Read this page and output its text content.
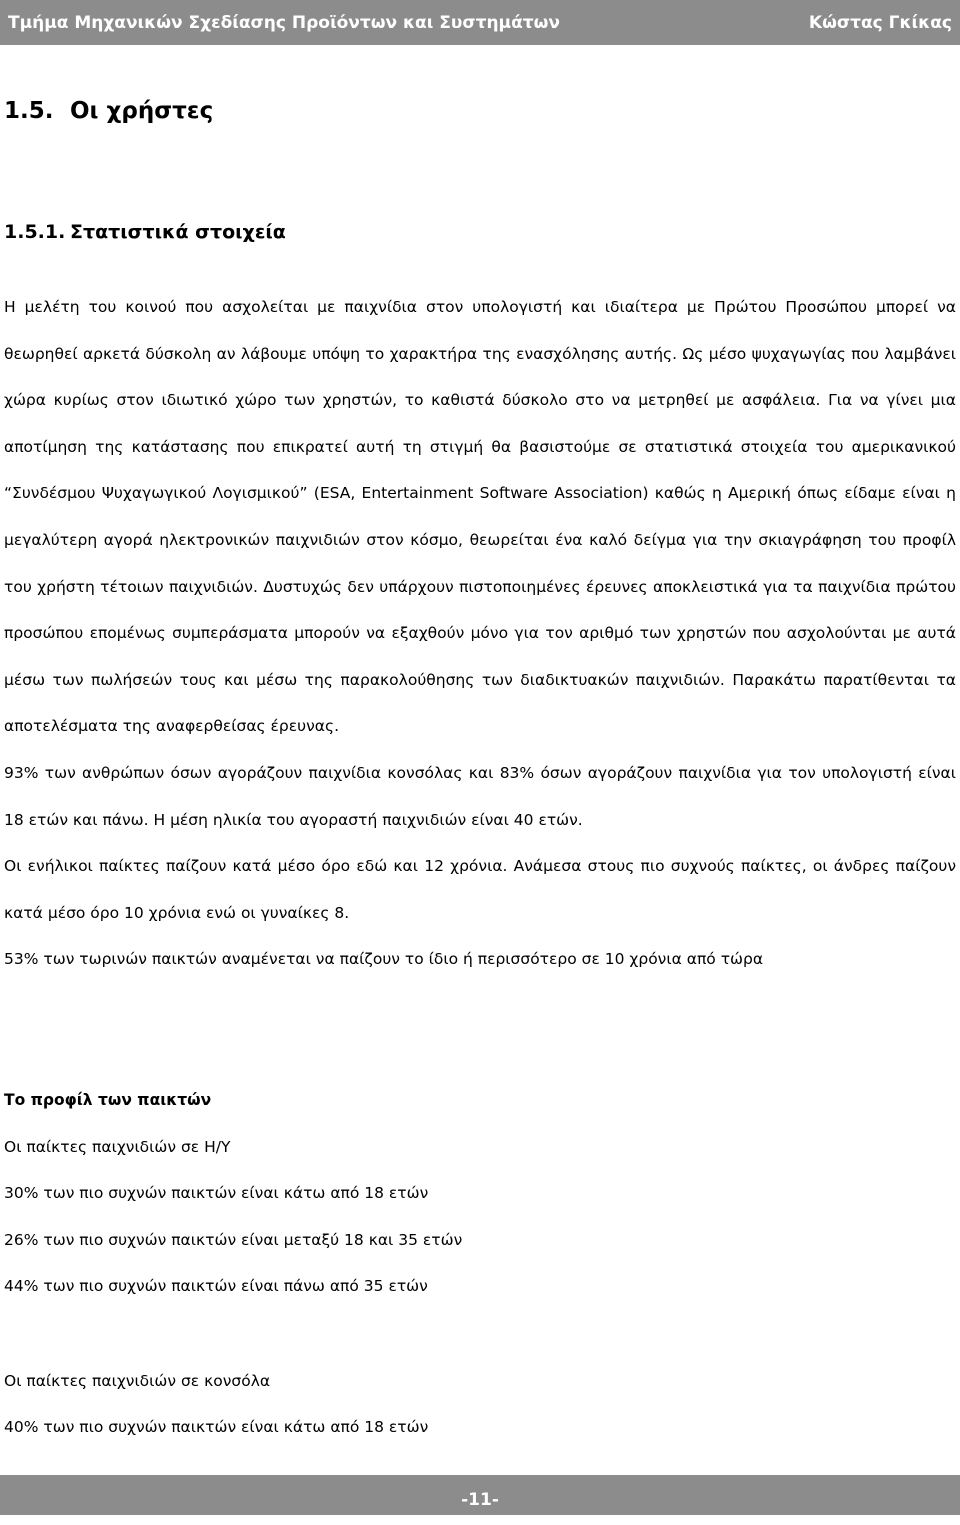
Τμήμα Μηχανικών Σχεδίασης Προϊόντων και Συστημάτων	Κώστας Γκίκας
1.5. Οι χρήστες
1.5.1. Στατιστικά στοιχεία

Η μελέτη του κοινού που ασχολείται με παιχνίδια στον υπολογιστή και ιδιαίτερα με Πρώτου Προσώπου μπορεί να θεωρηθεί αρκετά δύσκολη αν λάβουμε υπόψη το χαρακτήρα της ενασχόλησης αυτής. Ως μέσο ψυχαγωγίας που λαμβάνει χώρα κυρίως στον ιδιωτικό χώρο των χρηστών, το καθιστά δύσκολο στο να μετρηθεί με ασφάλεια. Για να γίνει μια αποτίμηση της κατάστασης που επικρατεί αυτή τη στιγμή θα βασιστούμε σε στατιστικά στοιχεία του αμερικανικού “Συνδέσμου Ψυχαγωγικού Λογισμικού” (ESA, Entertainment Software Association) καθώς η Αμερική όπως είδαμε είναι η μεγαλύτερη αγορά ηλεκτρονικών παιχνιδιών στον κόσμο, θεωρείται ένα καλό δείγμα για την σκιαγράφηση του προφίλ του χρήστη τέτοιων παιχνιδιών. Δυστυχώς δεν υπάρχουν πιστοποιημένες έρευνες αποκλειστικά για τα παιχνίδια πρώτου προσώπου επομένως συμπεράσματα μπορούν να εξαχθούν μόνο για τον αριθμό των χρηστών που ασχολούνται με αυτά μέσω των πωλήσεών τους και μέσω της παρακολούθησης των διαδικτυακών παιχνιδιών. Παρακάτω παρατίθενται τα αποτελέσματα της αναφερθείσας έρευνας.

93% των ανθρώπων όσων αγοράζουν παιχνίδια κονσόλας και 83% όσων αγοράζουν παιχνίδια για τον υπολογιστή είναι 18 ετών και πάνω. Η μέση ηλικία του αγοραστή παιχνιδιών είναι 40 ετών.

Οι ενήλικοι παίκτες παίζουν κατά μέσο όρο εδώ και 12 χρόνια. Ανάμεσα στους πιο συχνούς παίκτες, οι άνδρες παίζουν κατά μέσο όρο 10 χρόνια ενώ οι γυναίκες 8.

53% των τωρινών παικτών αναμένεται να παίζουν το ίδιο ή περισσότερο σε 10 χρόνια από τώρα

Το προφίλ των παικτών
Οι παίκτες παιχνιδιών σε Η/Υ
30% των πιο συχνών παικτών είναι κάτω από 18 ετών
26% των πιο συχνών παικτών είναι μεταξύ 18 και 35 ετών
44% των πιο συχνών παικτών είναι πάνω από 35 ετών
Οι παίκτες παιχνιδιών σε κονσόλα
40% των πιο συχνών παικτών είναι κάτω από 18 ετών
-11-
